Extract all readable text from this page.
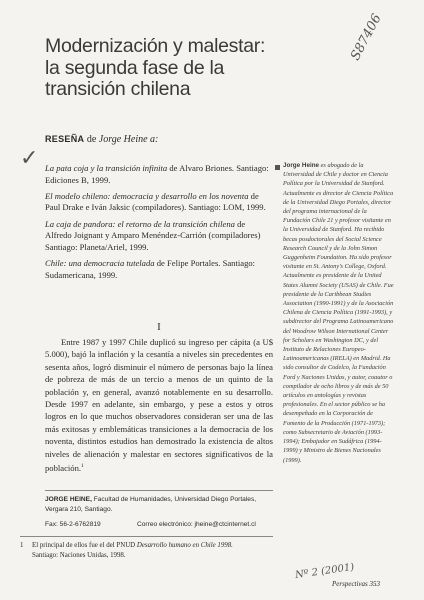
Modernización y malestar:
la segunda fase de la
transición chilena
S87406
✓
RESEÑA de Jorge Heine a:
La pata coja y la transición infinita de Alvaro Briones. Santiago: Ediciones B, 1999.
El modelo chileno: democracia y desarrollo en los noventa de Paul Drake e Iván Jaksic (compiladores). Santiago: LOM, 1999.
La caja de pandora: el retorno de la transición chilena de Alfredo Joignant y Amparo Menéndez-Carrión (compiladores) Santiago: Planeta/Ariel, 1999.
Chile: una democracia tutelada de Felipe Portales. Santiago: Sudamericana, 1999.
Jorge Heine es abogado de la Universidad de Chile y doctor en Ciencia Política por la Universidad de Stanford. Actualmente es director de Ciencia Política de la Universidad Diego Portales, director del programa internacional de la Fundación Chile 21 y profesor visitante en la Universidad de Stanford. Ha recibido becas posdoctorales del Social Science Research Council y de la John Simon Guggenheim Foundation. Ha sido profesor visitante en St. Antony's College, Oxford. Actualmente es presidente de la United States Alumni Society (USAS) de Chile. Fue presidente de la Caribbean Studies Association (1990-1991) y de la Asociación Chilena de Ciencia Política (1991-1993), y subdirector del Programa Latinoamericano del Woodrow Wilson International Center for Scholars en Washington DC, y del Instituto de Relaciones Europeo-Latinoamericanas (IRELA) en Madrid. Ha sido consultor de Codelco, la Fundación Ford y Naciones Unidas, y autor, coautor o compilador de ocho libros y de más de 50 artículos en antologías y revistas profesionales. En el sector público se ha desempeñado en la Corporación de Fomento de la Producción (1971-1973); como Subsecretario de Aviación (1993-1994); Embajador en Sudáfrica (1994-1999) y Ministro de Bienes Nacionales (1999).
I
Entre 1987 y 1997 Chile duplicó su ingreso per cápita (a U$ 5.000), bajó la inflación y la cesantía a niveles sin precedentes en sesenta años, logró disminuir el número de personas bajo la línea de pobreza de más de un tercio a menos de un quinto de la población y, en general, avanzó notablemente en su desarrollo. Desde 1997 en adelante, sin embargo, y pese a estos y otros logros en lo que muchos observadores consideran ser una de las más exitosas y emblemáticas transiciones a la democracia de los noventa, distintos estudios han demostrado la existencia de altos niveles de alienación y malestar en sectores significativos de la población.$^1$
JORGE HEINE, Facultad de Humanidades, Universidad Diego Portales, Vergara 210, Santiago.
Fax: 56-2-6762819	Correo electrónico: jheine@ctcinternet.cl
1 El principal de ellos fue el del PNUD Desarrollo humano en Chile 1998.
Santiago: Naciones Unidas, 1998.
Nº 2 (2001)
Perspectivas 353
